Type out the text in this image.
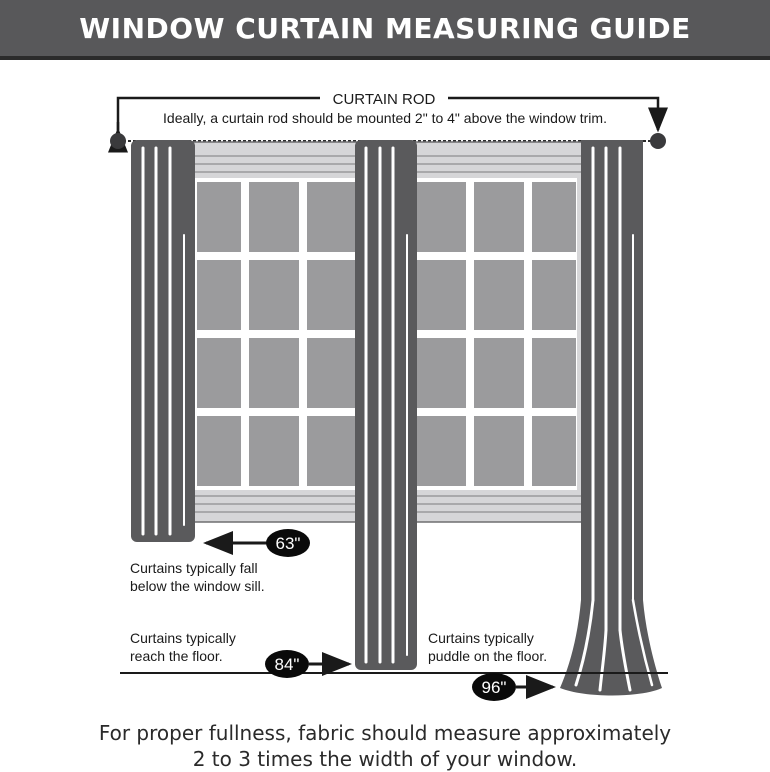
WINDOW CURTAIN MEASURING GUIDE
CURTAIN ROD
Ideally, a curtain rod should be mounted 2" to 4" above the window trim.
63"
Curtains typically fall
below the window sill.
Curtains typically
reach the floor.	84"
Curtains typically
puddle on the floor.
96"
For proper fullness, fabric should measure approximately
2 to 3 times the width of your window.
